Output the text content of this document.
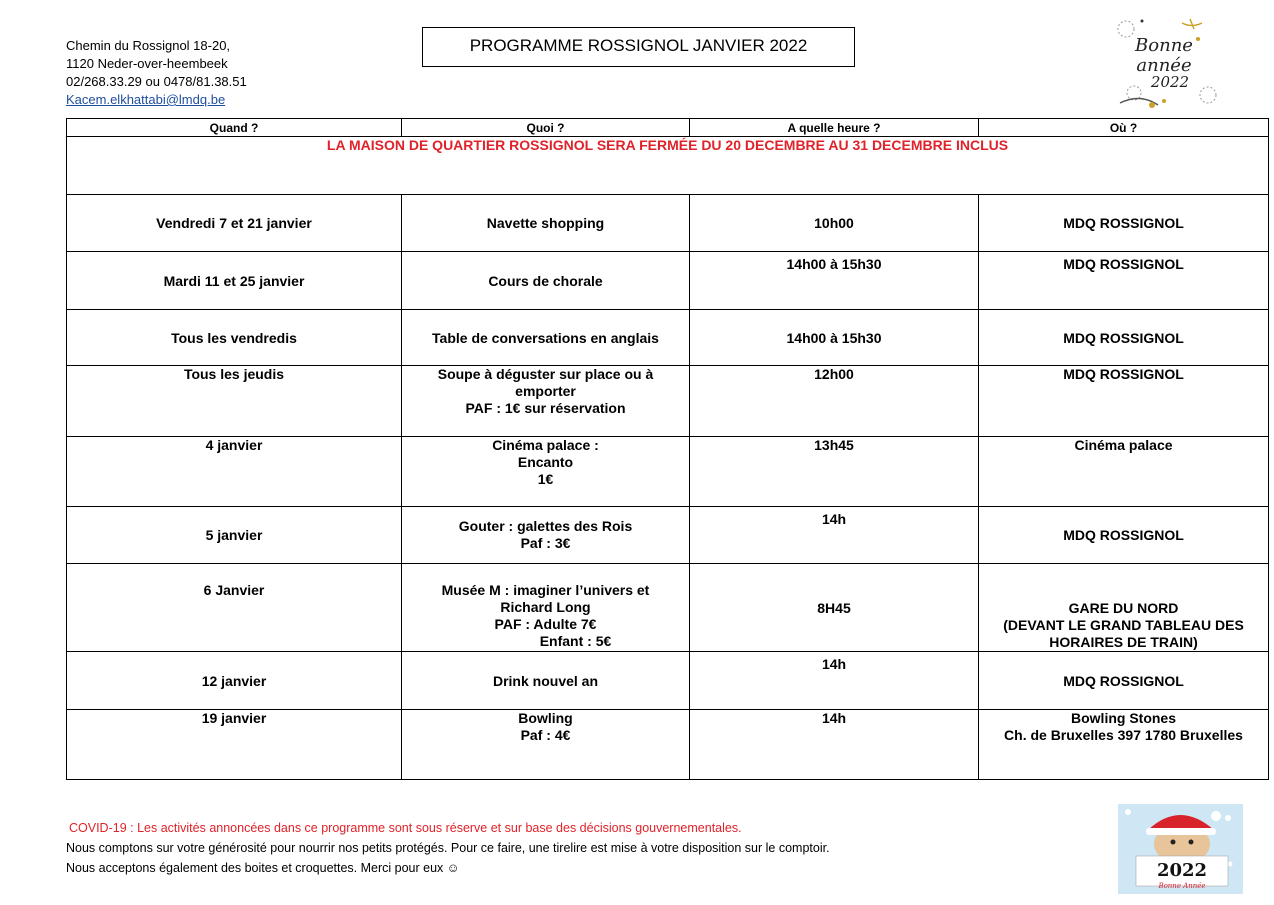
Chemin du Rossignol 18-20,
1120 Neder-over-heembeek
02/268.33.29 ou 0478/81.38.51
Kacem.elkhattabi@lmdq.be
PROGRAMME ROSSIGNOL JANVIER 2022	Bonne
année
2022
Quand ?	Quoi ?	A quelle heure ?	Où ?
LA MAISON DE QUARTIER ROSSIGNOL SERA FERMÉE DU 20 DECEMBRE AU 31 DECEMBRE INCLUS			
Vendredi 7 et 21 janvier	Navette shopping	10h00	MDQ ROSSIGNOL
Mardi 11 et 25 janvier	Cours de chorale	14h00 à 15h30	MDQ ROSSIGNOL
Tous les vendredis	Table de conversations en anglais	14h00 à 15h30	MDQ ROSSIGNOL
Tous les jeudis	Soupe à déguster sur place ou à
emporter
PAF : 1€ sur réservation	12h00	MDQ ROSSIGNOL
4 janvier	Cinéma palace :
Encanto
1€	13h45	Cinéma palace
5 janvier	Gouter : galettes des Rois
Paf : 3€	14h	MDQ ROSSIGNOL
6 Janvier	Musée M : imaginer l’univers et
Richard Long
PAF : Adulte 7€
Enfant : 5€	8H45	GARE DU NORD
(DEVANT LE GRAND TABLEAU DES
HORAIRES DE TRAIN)

12 janvier	Drink nouvel an	14h	MDQ ROSSIGNOL
19 janvier	Bowling
Paf : 4€	14h	Bowling Stones
Ch. de Bruxelles 397 1780 Bruxelles
COVID-19 : Les activités annoncées dans ce programme sont sous réserve et sur base des décisions gouvernementales.
Nous comptons sur votre générosité pour nourrir nos petits protégés. Pour ce faire, une tirelire est mise à votre disposition sur le comptoir.
Nous acceptons également des boites et croquettes. Merci pour eux ☺	2022
Bonne Année
